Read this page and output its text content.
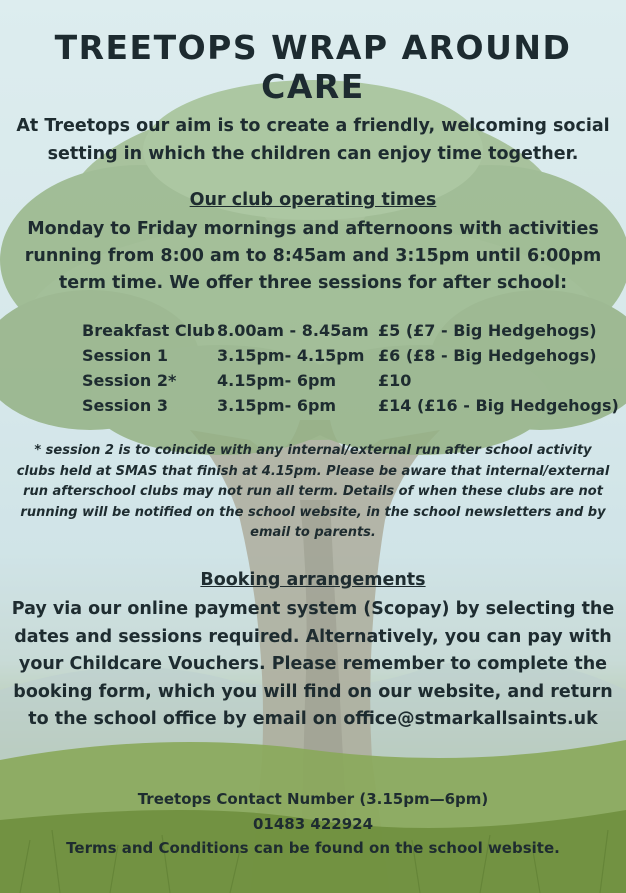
TREETOPS WRAP AROUND CARE
At Treetops our aim is to create a friendly, welcoming social setting in which the children can enjoy time together.
Our club operating times
Monday to Friday mornings and afternoons with activities running from 8:00 am to 8:45am and 3:15pm until 6:00pm term time. We offer three sessions for after school:
Breakfast Club	8.00am - 8.45am	£5 (£7 - Big Hedgehogs)
Session 1	3.15pm- 4.15pm	£6 (£8 - Big Hedgehogs)
Session 2*	4.15pm- 6pm	£10
Session 3	3.15pm- 6pm	£14 (£16 - Big Hedgehogs)
* session 2 is to coincide with any internal/external run after school activity clubs held at SMAS that finish at 4.15pm. Please be aware that internal/external run afterschool clubs may not run all term. Details of when these clubs are not running will be notified on the school website, in the school newsletters and by email to parents.
Booking arrangements
Pay via our online payment system (Scopay) by selecting the dates and sessions required. Alternatively, you can pay with your Childcare Vouchers. Please remember to complete the booking form, which you will find on our website, and return to the school office by email on office@stmarkallsaints.uk
Treetops Contact Number (3.15pm—6pm)
01483 422924
Terms and Conditions can be found on the school website.
